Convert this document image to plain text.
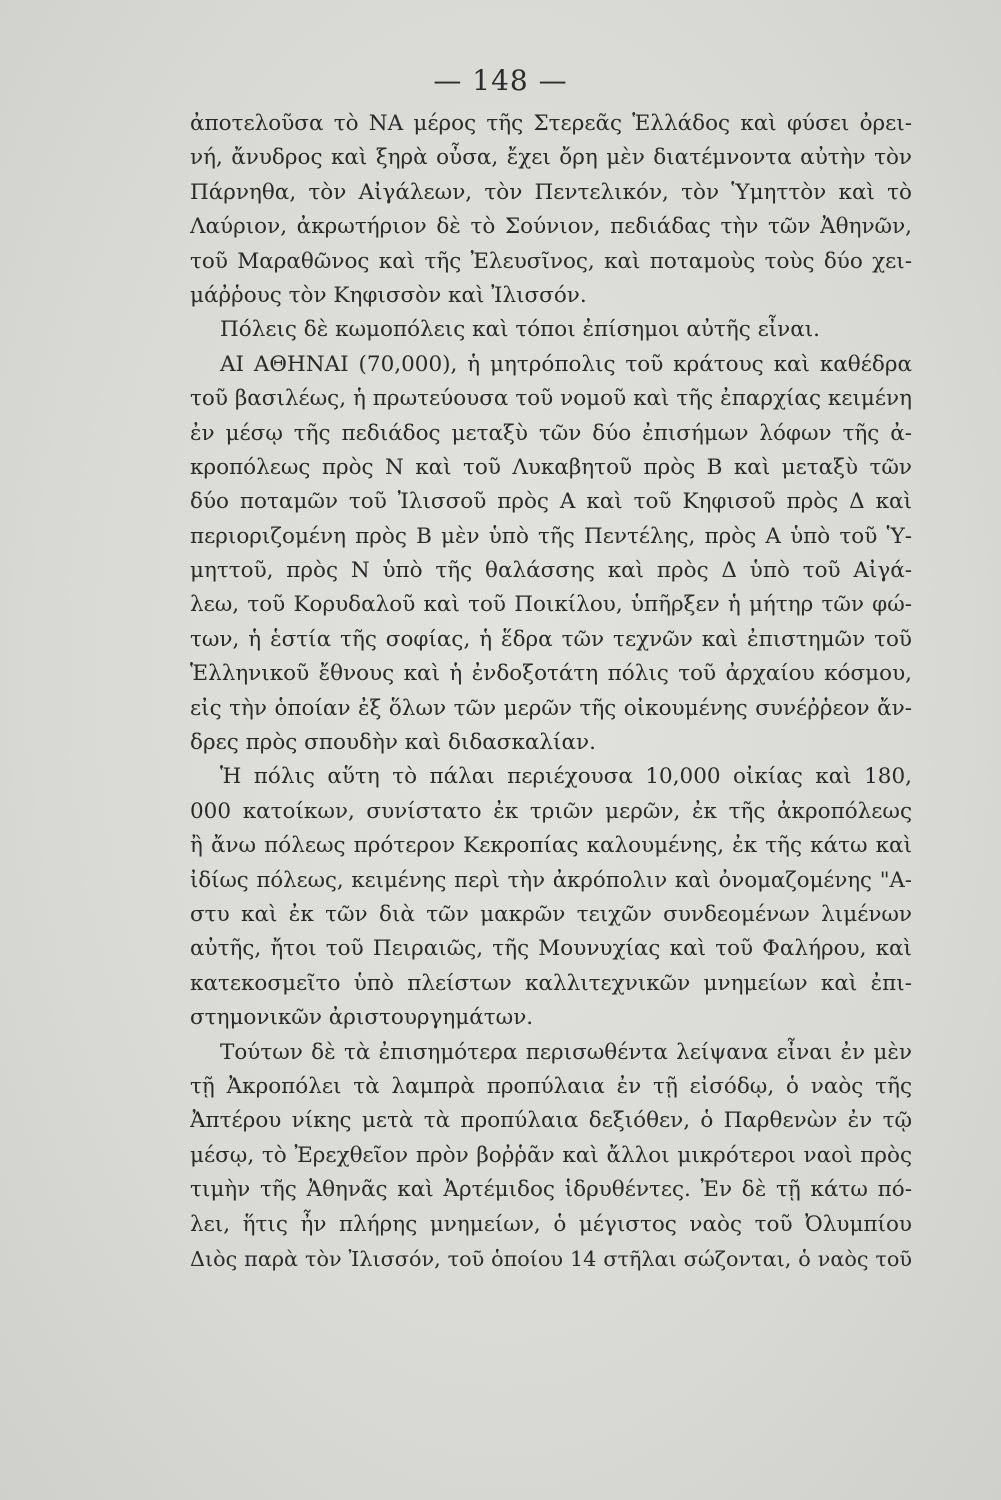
— 148 —
ἀποτελοῦσα τὸ ΝΑ μέρος τῆς Στερεᾶς Ἑλλάδος καὶ φύσει ὀρει-
νή, ἄνυδρος καὶ ξηρὰ οὖσα, ἔχει ὄρη μὲν διατέμνοντα αὐτὴν τὸν
Πάρνηθα, τὸν Αἰγάλεων, τὸν Πεντελικόν, τὸν Ὑμηττὸν καὶ τὸ
Λαύριον, ἀκρωτήριον δὲ τὸ Σούνιον, πεδιάδας τὴν τῶν Ἀθηνῶν,
τοῦ Μαραθῶνος καὶ τῆς Ἐλευσῖνος, καὶ ποταμοὺς τοὺς δύο χει-
μάῤῥους τὸν Κηφισσὸν καὶ Ἰλισσόν.
Πόλεις δὲ κωμοπόλεις καὶ τόποι ἐπίσημοι αὐτῆς εἶναι.
ΑΙ ΑΘΗΝΑΙ (70,000), ἡ μητρόπολις τοῦ κράτους καὶ καθέδρα
τοῦ βασιλέως, ἡ πρωτεύουσα τοῦ νομοῦ καὶ τῆς ἐπαρχίας κειμένη
ἐν μέσῳ τῆς πεδιάδος μεταξὺ τῶν δύο ἐπισήμων λόφων τῆς ἀ-
κροπόλεως πρὸς Ν καὶ τοῦ Λυκαβητοῦ πρὸς Β καὶ μεταξὺ τῶν
δύο ποταμῶν τοῦ Ἰλισσοῦ πρὸς Α καὶ τοῦ Κηφισοῦ πρὸς Δ καὶ
περιοριζομένη πρὸς Β μὲν ὑπὸ τῆς Πεντέλης, πρὸς Α ὑπὸ τοῦ Ὑ-
μηττοῦ, πρὸς Ν ὑπὸ τῆς θαλάσσης καὶ πρὸς Δ ὑπὸ τοῦ Αἰγά-
λεω, τοῦ Κορυδαλοῦ καὶ τοῦ Ποικίλου, ὑπῆρξεν ἡ μήτηρ τῶν φώ-
των, ἡ ἑστία τῆς σοφίας, ἡ ἕδρα τῶν τεχνῶν καὶ ἐπιστημῶν τοῦ
Ἑλληνικοῦ ἔθνους καὶ ἡ ἐνδοξοτάτη πόλις τοῦ ἀρχαίου κόσμου,
εἰς τὴν ὁποίαν ἐξ ὅλων τῶν μερῶν τῆς οἰκουμένης συνέῤῥεον ἄν-
δρες πρὸς σπουδὴν καὶ διδασκαλίαν.
Ἡ πόλις αὕτη τὸ πάλαι περιέχουσα 10,000 οἰκίας καὶ 180,
000 κατοίκων, συνίστατο ἐκ τριῶν μερῶν, ἐκ τῆς ἀκροπόλεως
ἢ ἄνω πόλεως πρότερον Κεκροπίας καλουμένης, ἐκ τῆς κάτω καὶ
ἰδίως πόλεως, κειμένης περὶ τὴν ἀκρόπολιν καὶ ὀνομαζομένης "Α-
στυ καὶ ἐκ τῶν διὰ τῶν μακρῶν τειχῶν συνδεομένων λιμένων
αὐτῆς, ἤτοι τοῦ Πειραιῶς, τῆς Μουνυχίας καὶ τοῦ Φαλήρου, καὶ
κατεκοσμεῖτο ὑπὸ πλείστων καλλιτεχνικῶν μνημείων καὶ ἐπι-
στημονικῶν ἀριστουργημάτων.
Τούτων δὲ τὰ ἐπισημότερα περισωθέντα λείψανα εἶναι ἐν μὲν
τῇ Ἀκροπόλει τὰ λαμπρὰ προπύλαια ἐν τῇ εἰσόδῳ, ὁ ναὸς τῆς
Ἀπτέρου νίκης μετὰ τὰ προπύλαια δεξιόθεν, ὁ Παρθενὼν ἐν τῷ
μέσῳ, τὸ Ἐρεχθεῖον πρὸν βοῤῥᾶν καὶ ἄλλοι μικρότεροι ναοὶ πρὸς
τιμὴν τῆς Ἀθηνᾶς καὶ Ἀρτέμιδος ἱδρυθέντες. Ἐν δὲ τῇ κάτω πό-
λει, ἥτις ἦν πλήρης μνημείων, ὁ μέγιστος ναὸς τοῦ Ὀλυμπίου
Διὸς παρὰ τὸν Ἰλισσόν, τοῦ ὁποίου 14 στῆλαι σώζονται, ὁ ναὸς τοῦ
